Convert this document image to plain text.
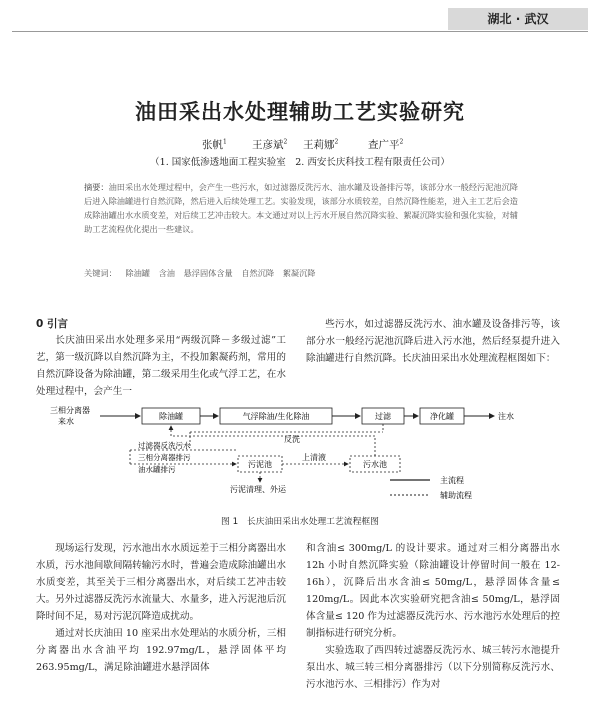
湖北 · 武汉
油田采出水处理辅助工艺实验研究
张帆$^1$ 王彦斌$^2$ 王莉娜$^2$	查广平$^2$
（1. 国家低渗透地面工程实验室　2. 西安长庆科技工程有限责任公司）
摘要：油田采出水处理过程中，会产生一些污水，如过滤器反洗污水、油水罐及设备排污等，该部分水一般经污泥池沉降后进入除油罐进行自然沉降，然后进入后续处理工艺。实验发现，该部分水质较差，自然沉降性能差，进入主工艺后会造成除油罐出水水质变差，对后续工艺冲击较大。本文通过对以上污水开展自然沉降实验、絮凝沉降实验和强化实验，对辅助工艺流程优化提出一些建议。
关键词： 除油罐 含油 悬浮固体含量 自然沉降 絮凝沉降
0 引言

长庆油田采出水处理多采用“两级沉降－多级过滤”工艺，第一级沉降以自然沉降为主，不投加絮凝药剂，常用的自然沉降设备为除油罐，第二级采用生化或气浮工艺，在水处理过程中，会产生一

些污水，如过滤器反洗污水、油水罐及设备排污等，该部分水一般经污泥池沉降后进入污水池，然后经泵提升进入除油罐进行自然沉降。长庆油田采出水处理流程框图如下：

三相分离器
来水
除油罐	气浮除油/生化除油	过滤	净化罐	注水
反洗
过滤器反洗污水
三相分离器排污
油水罐排污
污泥池
上清液
污水池
污泥清理、外运
主流程
辅助流程
图 1　长庆油田采出水处理工艺流程框图

现场运行发现，污水池出水水质远差于三相分离器出水水质，污水池间歇间隔转输污水时，普遍会造成除油罐出水水质变差，其至关于三相分离器出水，对后续工艺冲击较大。另外过滤器反洗污水流量大、水量多，进入污泥池后沉降时间不足，易对污泥沉降造成扰动。

通过对长庆油田 10 座采出水处理站的水质分析，三相分离器出水含油平均 192.97mg/L，悬浮固体平均 263.95mg/L，满足除油罐进水悬浮固体

和含油≤ 300mg/L 的设计要求。通过对三相分离器出水 12h 小时自然沉降实验（除油罐设计停留时间一般在 12-16h），沉降后出水含油≤ 50mg/L，悬浮固体含量≤ 120mg/L。因此本次实验研究把含油≤ 50mg/L，悬浮固体含量≤ 120 作为过滤器反洗污水、污水池污水处理后的控制指标进行研究分析。

实验选取了西四转过滤器反洗污水、城三转污水池提升泵出水、城三转三相分离器排污（以下分别简称反洗污水、污水池污水、三相排污）作为对
